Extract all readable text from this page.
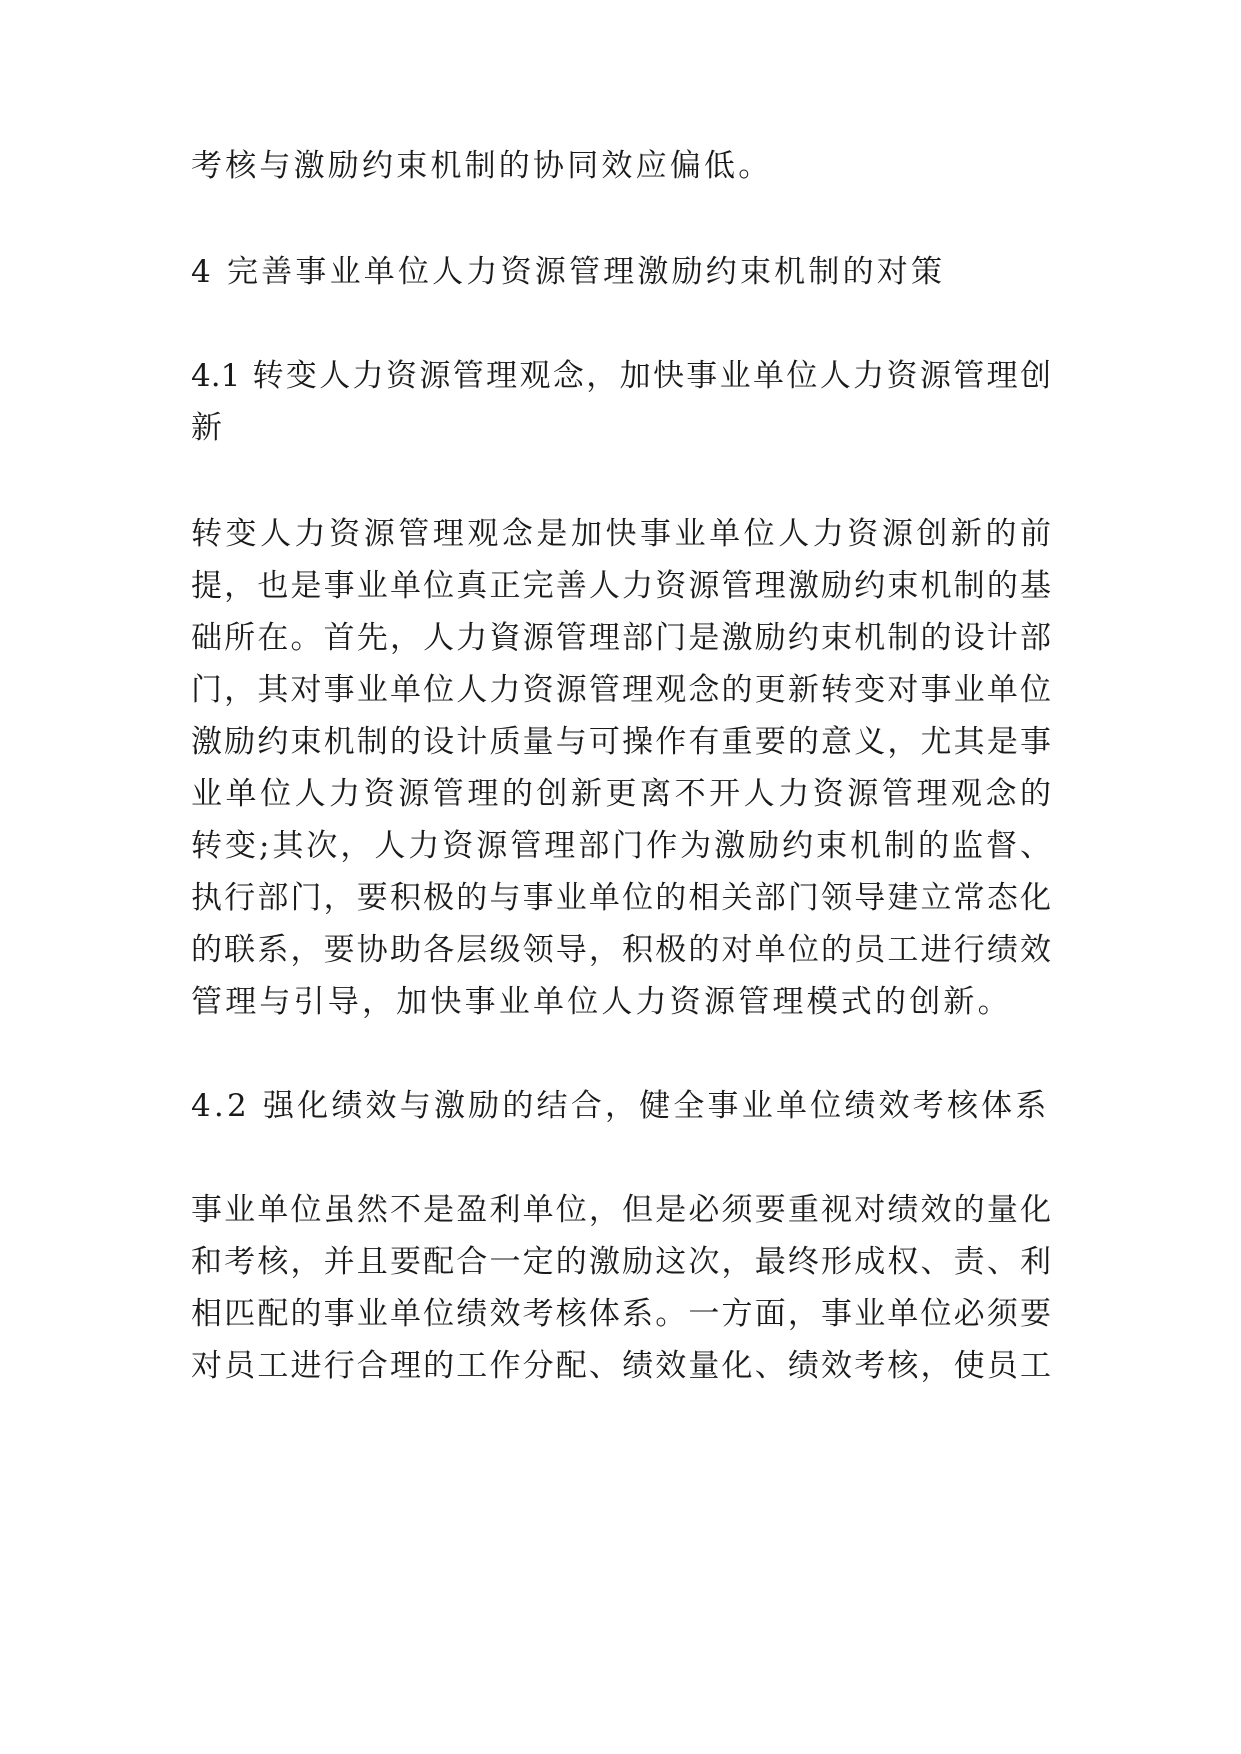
考核与激励约束机制的协同效应偏低。

4 完善事业单位人力资源管理激励约束机制的对策

4.1 转变人力资源管理观念，加快事业单位人力资源管理创

新

转变人力资源管理观念是加快事业单位人力资源创新的前

提，也是事业单位真正完善人力资源管理激励约束机制的基

础所在。首先，人力資源管理部门是激励约束机制的设计部

门，其对事业单位人力资源管理观念的更新转变对事业单位

激励约束机制的设计质量与可操作有重要的意义，尤其是事

业单位人力资源管理的创新更离不开人力资源管理观念的

转变;其次，人力资源管理部门作为激励约束机制的监督、

执行部门，要积极的与事业单位的相关部门领导建立常态化

的联系，要协助各层级领导，积极的对单位的员工进行绩效

管理与引导，加快事业单位人力资源管理模式的创新。

4.2 强化绩效与激励的结合，健全事业单位绩效考核体系

事业单位虽然不是盈利单位，但是必须要重视对绩效的量化

和考核，并且要配合一定的激励这次，最终形成权、责、利

相匹配的事业单位绩效考核体系。一方面，事业单位必须要

对员工进行合理的工作分配、绩效量化、绩效考核，使员工
